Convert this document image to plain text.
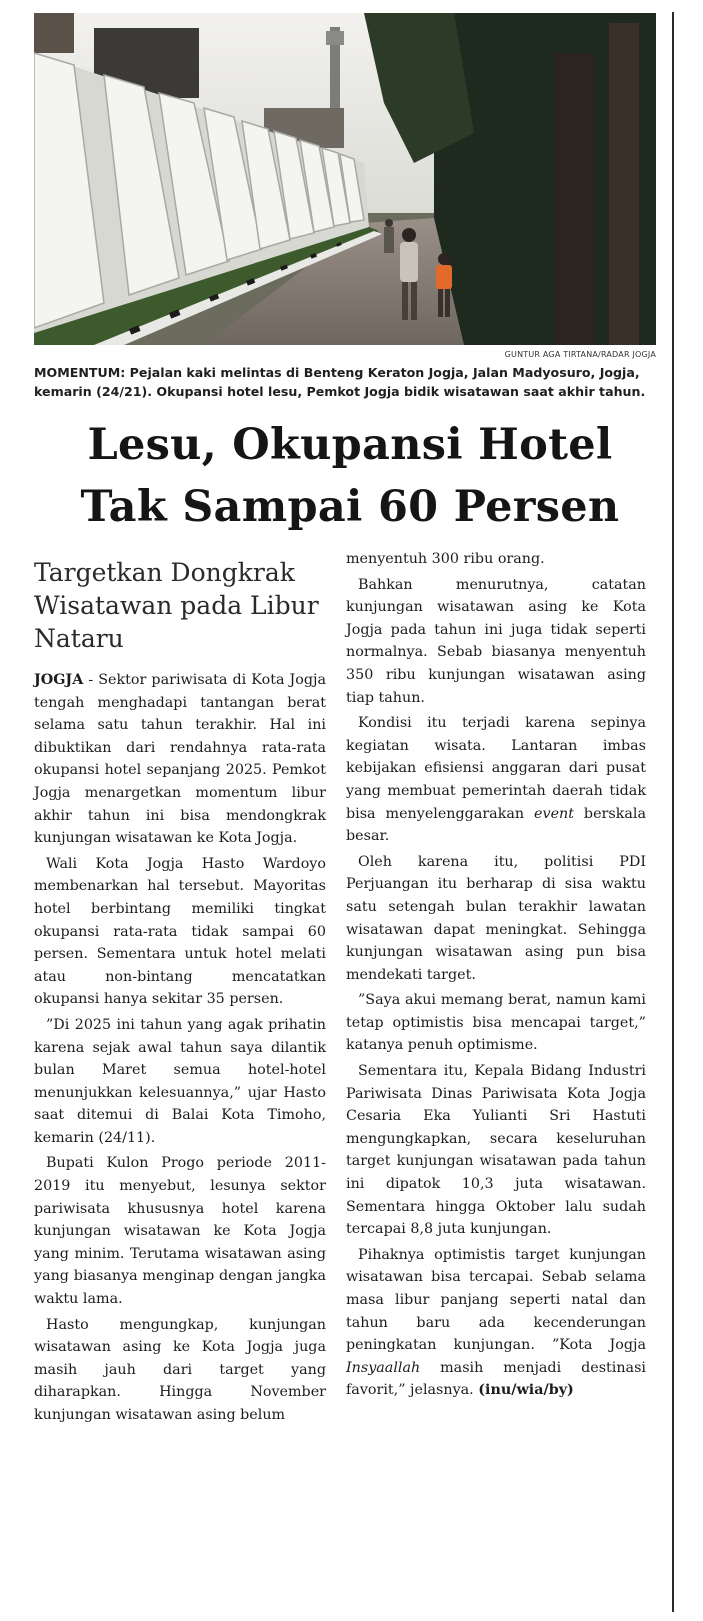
GUNTUR AGA TIRTANA/RADAR JOGJA
MOMENTUM: Pejalan kaki melintas di Benteng Keraton Jogja, Jalan Madyosuro, Jogja, kemarin (24/21). Okupansi hotel lesu, Pemkot Jogja bidik wisatawan saat akhir tahun.
Lesu, Okupansi Hotel
Tak Sampai 60 Persen
Targetkan Dongkrak Wisatawan pada Libur Nataru

JOGJA - Sektor pariwisata di Kota Jogja tengah menghadapi tantangan berat selama satu tahun terakhir. Hal ini dibuktikan dari rendahnya rata-rata okupansi hotel sepanjang 2025. Pemkot Jogja menargetkan momentum libur akhir tahun ini bisa mendongkrak kunjungan wisatawan ke Kota Jogja.

Wali Kota Jogja Hasto Wardoyo membenarkan hal tersebut. Mayoritas hotel berbintang memiliki tingkat okupansi rata-rata tidak sampai 60 persen. Sementara untuk hotel melati atau non-bintang mencatatkan okupansi hanya sekitar 35 persen.

”Di 2025 ini tahun yang agak prihatin karena sejak awal tahun saya dilantik bulan Maret semua hotel-hotel menunjukkan kelesuannya,” ujar Hasto saat ditemui di Balai Kota Timoho, kemarin (24/11).

Bupati Kulon Progo periode 2011-2019 itu menyebut, lesunya sektor pariwisata khususnya hotel karena kunjungan wisatawan ke Kota Jogja yang minim. Terutama wisatawan asing yang biasanya menginap dengan jangka waktu lama.

Hasto mengungkap, kunjungan wisatawan asing ke Kota Jogja juga masih jauh dari target yang diharapkan. Hingga November kunjungan wisatawan asing belum

menyentuh 300 ribu orang.

Bahkan menurutnya, catatan kunjungan wisatawan asing ke Kota Jogja pada tahun ini juga tidak seperti normalnya. Sebab biasanya menyentuh 350 ribu kunjungan wisatawan asing tiap tahun.

Kondisi itu terjadi karena sepinya kegiatan wisata. Lantaran imbas kebijakan efisiensi anggaran dari pusat yang membuat pemerintah daerah tidak bisa menyelenggarakan event berskala besar.

Oleh karena itu, politisi PDI Perjuangan itu berharap di sisa waktu satu setengah bulan terakhir lawatan wisatawan dapat meningkat. Sehingga kunjungan wisatawan asing pun bisa mendekati target.

”Saya akui memang berat, namun kami tetap optimistis bisa mencapai target,” katanya penuh optimisme.

Sementara itu, Kepala Bidang Industri Pariwisata Dinas Pariwisata Kota Jogja Cesaria Eka Yulianti Sri Hastuti mengungkapkan, secara keseluruhan target kunjungan wisatawan pada tahun ini dipatok 10,3 juta wisatawan. Sementara hingga Oktober lalu sudah tercapai 8,8 juta kunjungan.

Pihaknya optimistis target kunjungan wisatawan bisa tercapai. Sebab selama masa libur panjang seperti natal dan tahun baru ada kecenderungan peningkatan kunjungan. ”Kota Jogja Insyaallah masih menjadi destinasi favorit,” jelasnya. (inu/wia/by)
